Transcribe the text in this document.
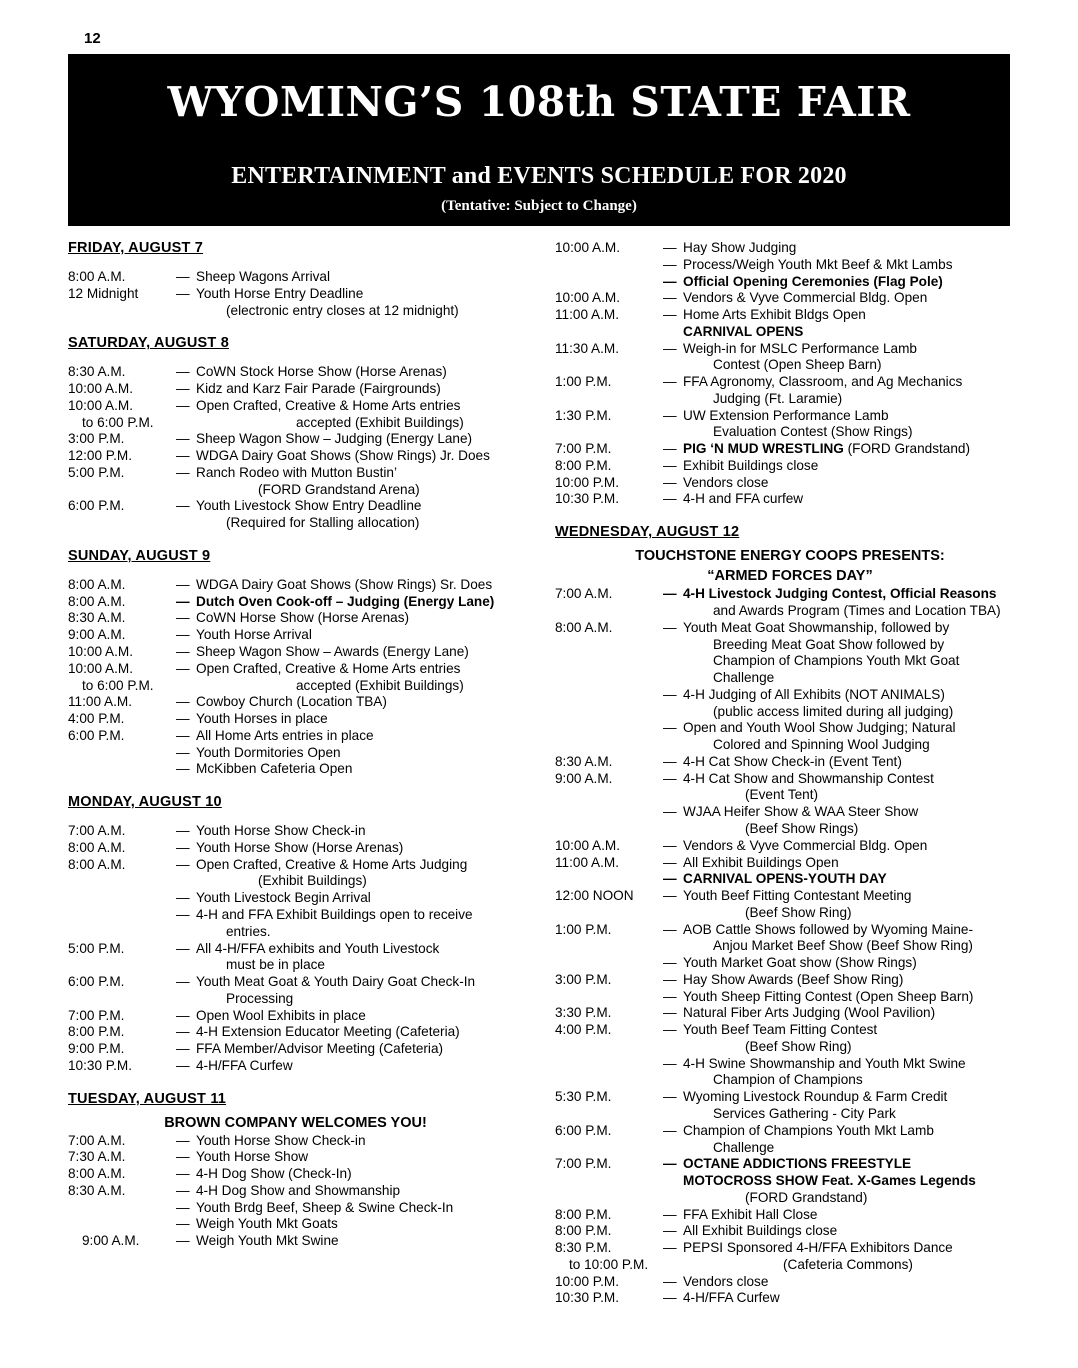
12
WYOMING’S 108th STATE FAIR
ENTERTAINMENT and EVENTS SCHEDULE FOR 2020
(Tentative: Subject to Change)
FRIDAY, AUGUST 7
8:00 A.M.	—	Sheep Wagons Arrival
12 Midnight	—	Youth Horse Entry Deadline
		(electronic entry closes at 12 midnight)
SATURDAY, AUGUST 8
8:30 A.M.	—	CoWN Stock Horse Show (Horse Arenas)
10:00 A.M.	—	Kidz and Karz Fair Parade (Fairgrounds)
10:00 A.M.	—	Open Crafted, Creative & Home Arts entries
to 6:00 P.M.		accepted (Exhibit Buildings)
3:00 P.M.	—	Sheep Wagon Show – Judging (Energy Lane)
12:00 P.M.	—	WDGA Dairy Goat Shows (Show Rings) Jr. Does
5:00 P.M.	—	Ranch Rodeo with Mutton Bustin’
		(FORD Grandstand Arena)
6:00 P.M.	—	Youth Livestock Show Entry Deadline
		(Required for Stalling allocation)
SUNDAY, AUGUST 9
8:00 A.M.	—	WDGA Dairy Goat Shows (Show Rings) Sr. Does
8:00 A.M.	—	Dutch Oven Cook-off – Judging (Energy Lane)
8:30 A.M.	—	CoWN Horse Show (Horse Arenas)
9:00 A.M.	—	Youth Horse Arrival
10:00 A.M.	—	Sheep Wagon Show – Awards (Energy Lane)
10:00 A.M.	—	Open Crafted, Creative & Home Arts entries
to 6:00 P.M.		accepted (Exhibit Buildings)
11:00 A.M.	—	Cowboy Church (Location TBA)
4:00 P.M.	—	Youth Horses in place
6:00 P.M.	—	All Home Arts entries in place
	—	Youth Dormitories Open
	—	McKibben Cafeteria Open
MONDAY, AUGUST 10
7:00 A.M.	—	Youth Horse Show Check-in
8:00 A.M.	—	Youth Horse Show (Horse Arenas)
8:00 A.M.	—	Open Crafted, Creative & Home Arts Judging
		(Exhibit Buildings)
	—	Youth Livestock Begin Arrival
	—	4-H and FFA Exhibit Buildings open to receive
		entries.
5:00 P.M.	—	All 4-H/FFA exhibits and Youth Livestock
		must be in place
6:00 P.M.	—	Youth Meat Goat & Youth Dairy Goat Check-In
		Processing
7:00 P.M.	—	Open Wool Exhibits in place
8:00 P.M.	—	4-H Extension Educator Meeting (Cafeteria)
9:00 P.M.	—	FFA Member/Advisor Meeting (Cafeteria)
10:30 P.M.	—	4-H/FFA Curfew
TUESDAY, AUGUST 11
BROWN COMPANY WELCOMES YOU!
7:00 A.M.	—	Youth Horse Show Check-in
7:30 A.M.	—	Youth Horse Show
8:00 A.M.	—	4-H Dog Show (Check-In)
8:30 A.M.	—	4-H Dog Show and Showmanship
	—	Youth Brdg Beef, Sheep & Swine Check-In
	—	Weigh Youth Mkt Goats
9:00 A.M.	—	Weigh Youth Mkt Swine
10:00 A.M.	—	Hay Show Judging
	—	Process/Weigh Youth Mkt Beef & Mkt Lambs
	—	Official Opening Ceremonies (Flag Pole)
10:00 A.M.	—	Vendors & Vyve Commercial Bldg. Open
11:00 A.M.	—	Home Arts Exhibit Bldgs Open
		CARNIVAL OPENS
11:30 A.M.	—	Weigh-in for MSLC Performance Lamb
		Contest (Open Sheep Barn)
1:00 P.M.	—	FFA Agronomy, Classroom, and Ag Mechanics
		Judging (Ft. Laramie)
1:30 P.M.	—	UW Extension Performance Lamb
		Evaluation Contest (Show Rings)
7:00 P.M.	—	PIG ‘N MUD WRESTLING (FORD Grandstand)
8:00 P.M.	—	Exhibit Buildings close
10:00 P.M.	—	Vendors close
10:30 P.M.	—	4-H and FFA curfew
WEDNESDAY, AUGUST 12
TOUCHSTONE ENERGY COOPS PRESENTS:
“ARMED FORCES DAY”
7:00 A.M.	—	4-H Livestock Judging Contest, Official Reasons
		and Awards Program (Times and Location TBA)
8:00 A.M.	—	Youth Meat Goat Showmanship, followed by
		Breeding Meat Goat Show followed by
		Champion of Champions Youth Mkt Goat
		Challenge
	—	4-H Judging of All Exhibits (NOT ANIMALS)
		(public access limited during all judging)
	—	Open and Youth Wool Show Judging; Natural
		Colored and Spinning Wool Judging
8:30 A.M.	—	4-H Cat Show Check-in (Event Tent)
9:00 A.M.	—	4-H Cat Show and Showmanship Contest
		(Event Tent)
	—	WJAA Heifer Show & WAA Steer Show
		(Beef Show Rings)
10:00 A.M.	—	Vendors & Vyve Commercial Bldg. Open
11:00 A.M.	—	All Exhibit Buildings Open
	—	CARNIVAL OPENS-YOUTH DAY
12:00 NOON	—	Youth Beef Fitting Contestant Meeting
		(Beef Show Ring)
1:00 P.M.	—	AOB Cattle Shows followed by Wyoming Maine-
		Anjou Market Beef Show (Beef Show Ring)
	—	Youth Market Goat show (Show Rings)
3:00 P.M.	—	Hay Show Awards (Beef Show Ring)
	—	Youth Sheep Fitting Contest (Open Sheep Barn)
3:30 P.M.	—	Natural Fiber Arts Judging (Wool Pavilion)
4:00 P.M.	—	Youth Beef Team Fitting Contest
		(Beef Show Ring)
	—	4-H Swine Showmanship and Youth Mkt Swine
		Champion of Champions
5:30 P.M.	—	Wyoming Livestock Roundup & Farm Credit
		Services Gathering - City Park
6:00 P.M.	—	Champion of Champions Youth Mkt Lamb
		Challenge
7:00 P.M.	—	OCTANE ADDICTIONS FREESTYLE
		MOTOCROSS SHOW Feat. X-Games Legends
		(FORD Grandstand)
8:00 P.M.	—	FFA Exhibit Hall Close
8:00 P.M.	—	All Exhibit Buildings close
8:30 P.M.	—	PEPSI Sponsored 4-H/FFA Exhibitors Dance
to 10:00 P.M.		(Cafeteria Commons)
10:00 P.M.	—	Vendors close
10:30 P.M.	—	4-H/FFA Curfew
